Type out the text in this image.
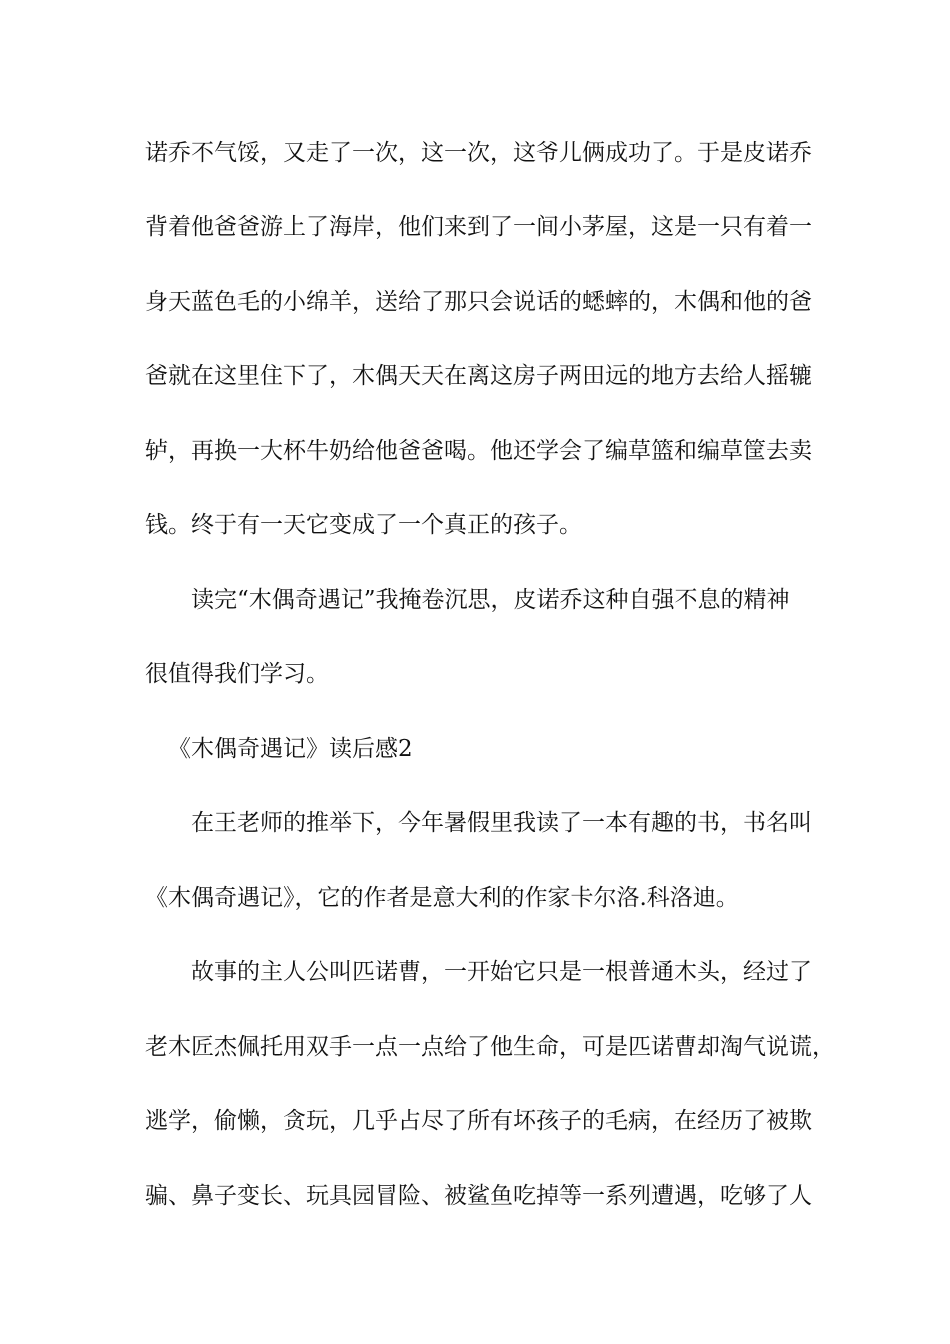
诺乔不气馁，又走了一次，这一次，这爷儿俩成功了。于是皮诺乔
背着他爸爸游上了海岸，他们来到了一间小茅屋，这是一只有着一
身天蓝色毛的小绵羊，送给了那只会说话的蟋蟀的，木偶和他的爸
爸就在这里住下了，木偶天天在离这房子两田远的地方去给人摇辘
轳，再换一大杯牛奶给他爸爸喝。他还学会了编草篮和编草筐去卖
钱。终于有一天它变成了一个真正的孩子。
读完“木偶奇遇记”我掩卷沉思，皮诺乔这种自强不息的精神
很值得我们学习。
《木偶奇遇记》读后感2
在王老师的推举下，今年暑假里我读了一本有趣的书，书名叫
《木偶奇遇记》，它的作者是意大利的作家卡尔洛.科洛迪。
故事的主人公叫匹诺曹，一开始它只是一根普通木头，经过了
老木匠杰佩托用双手一点一点给了他生命，可是匹诺曹却淘气说谎，
逃学，偷懒，贪玩，几乎占尽了所有坏孩子的毛病，在经历了被欺
骗、鼻子变长、玩具园冒险、被鲨鱼吃掉等一系列遭遇，吃够了人
